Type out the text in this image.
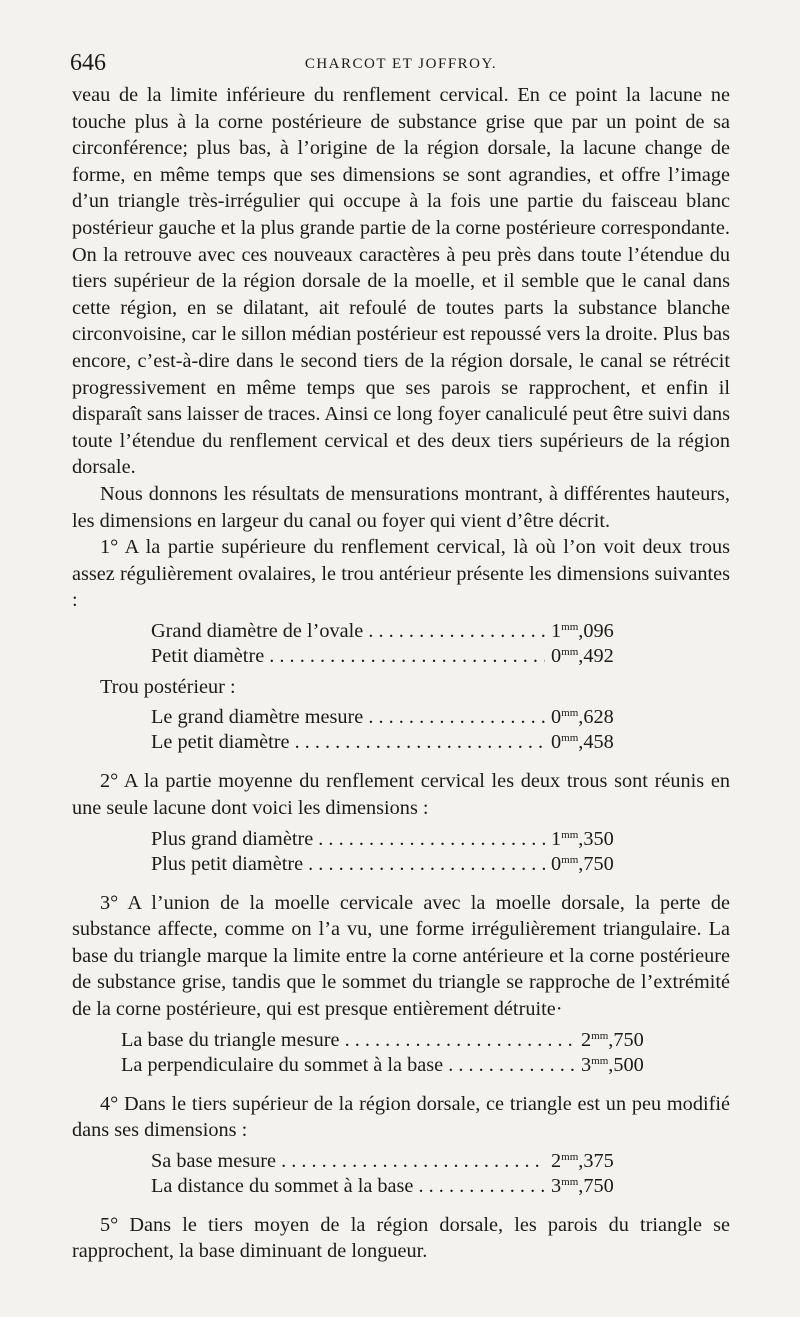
646	CHARCOT ET JOFFROY.

veau de la limite inférieure du renflement cervical. En ce point la lacune ne touche plus à la corne postérieure de substance grise que par un point de sa circonférence; plus bas, à l’origine de la région dorsale, la lacune change de forme, en même temps que ses dimensions se sont agrandies, et offre l’image d’un triangle très-irrégulier qui occupe à la fois une partie du faisceau blanc postérieur gauche et la plus grande partie de la corne postérieure correspondante. On la retrouve avec ces nouveaux caractères à peu près dans toute l’étendue du tiers supérieur de la région dorsale de la moelle, et il semble que le canal dans cette région, en se dilatant, ait refoulé de toutes parts la substance blanche circonvoisine, car le sillon médian postérieur est repoussé vers la droite. Plus bas encore, c’est-à-dire dans le second tiers de la région dorsale, le canal se rétrécit progressivement en même temps que ses parois se rapprochent, et enfin il disparaît sans laisser de traces. Ainsi ce long foyer canaliculé peut être suivi dans toute l’étendue du renflement cervical et des deux tiers supérieurs de la région dorsale.

Nous donnons les résultats de mensurations montrant, à différentes hauteurs, les dimensions en largeur du canal ou foyer qui vient d’être décrit.

1° A la partie supérieure du renflement cervical, là où l’on voit deux trous assez régulièrement ovalaires, le trou antérieur présente les dimensions suivantes :

Grand diamètre de l’ovale . . .	$1^{mm},096$
Petit diamètre . . .	$0^{mm},492$

Trou postérieur :

Le grand diamètre mesure . . .	$0^{mm},628$
Le petit diamètre . . .	$0^{mm},458$

2° A la partie moyenne du renflement cervical les deux trous sont réunis en une seule lacune dont voici les dimensions :

Plus grand diamètre . . .	$1^{mm},350$
Plus petit diamètre . . .	$0^{mm},750$

3° A l’union de la moelle cervicale avec la moelle dorsale, la perte de substance affecte, comme on l’a vu, une forme irrégulièrement triangulaire. La base du triangle marque la limite entre la corne antérieure et la corne postérieure de substance grise, tandis que le sommet du triangle se rapproche de l’extrémité de la corne postérieure, qui est presque entièrement détruite·

La base du triangle mesure . . .	$2^{mm},750$
La perpendiculaire du sommet à la base . . .	$3^{mm},500$

4° Dans le tiers supérieur de la région dorsale, ce triangle est un peu modifié dans ses dimensions :

Sa base mesure . . .	$2^{mm},375$
La distance du sommet à la base . . .	$3^{mm},750$

5° Dans le tiers moyen de la région dorsale, les parois du triangle se rapprochent, la base diminuant de longueur.
